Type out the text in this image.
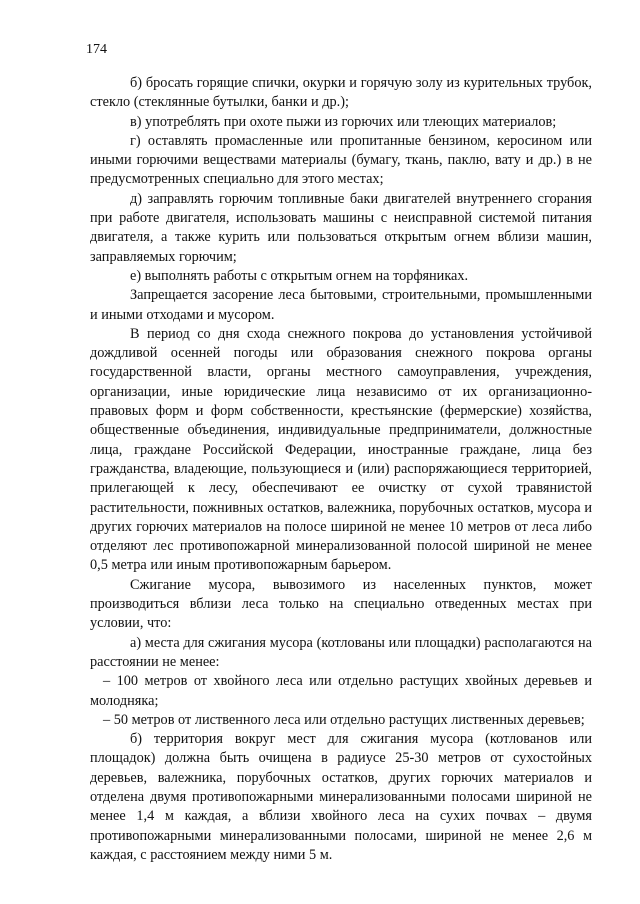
174

б) бросать горящие спички, окурки и горячую золу из курительных трубок, стекло (стеклянные бутылки, банки и др.);

в) употреблять при охоте пыжи из горючих или тлеющих материалов;

г) оставлять промасленные или пропитанные бензином, керосином или иными горючими веществами материалы (бумагу, ткань, паклю, вату и др.) в не предусмотренных специально для этого местах;

д) заправлять горючим топливные баки двигателей внутреннего сгорания при работе двигателя, использовать машины с неисправной системой питания двигателя, а также курить или пользоваться открытым огнем вблизи машин, заправляемых горючим;

е) выполнять работы с открытым огнем на торфяниках.

Запрещается засорение леса бытовыми, строительными, промышленными и иными отходами и мусором.

В период со дня схода снежного покрова до установления устойчивой дождливой осенней погоды или образования снежного покрова органы государственной власти, органы местного самоуправления, учреждения, организации, иные юридические лица независимо от их организационно-правовых форм и форм собственности, крестьянские (фермерские) хозяйства, общественные объединения, индивидуальные предприниматели, должностные лица, граждане Российской Федерации, иностранные граждане, лица без гражданства, владеющие, пользующиеся и (или) распоряжающиеся территорией, прилегающей к лесу, обеспечивают ее очистку от сухой травянистой растительности, пожнивных остатков, валежника, порубочных остатков, мусора и других горючих материалов на полосе шириной не менее 10 метров от леса либо отделяют лес противопожарной минерализованной полосой шириной не менее 0,5 метра или иным противопожарным барьером.

Сжигание мусора, вывозимого из населенных пунктов, может производиться вблизи леса только на специально отведенных местах при условии, что:

а) места для сжигания мусора (котлованы или площадки) располагаются на расстоянии не менее:

– 100 метров от хвойного леса или отдельно растущих хвойных деревьев и молодняка;

– 50 метров от лиственного леса или отдельно растущих лиственных деревьев;

б) территория вокруг мест для сжигания мусора (котлованов или площадок) должна быть очищена в радиусе 25-30 метров от сухостойных деревьев, валежника, порубочных остатков, других горючих материалов и отделена двумя противопожарными минерализованными полосами шириной не менее 1,4 м каждая, а вблизи хвойного леса на сухих почвах – двумя противопожарными минерализованными полосами, шириной не менее 2,6 м каждая, с расстоянием между ними 5 м.
